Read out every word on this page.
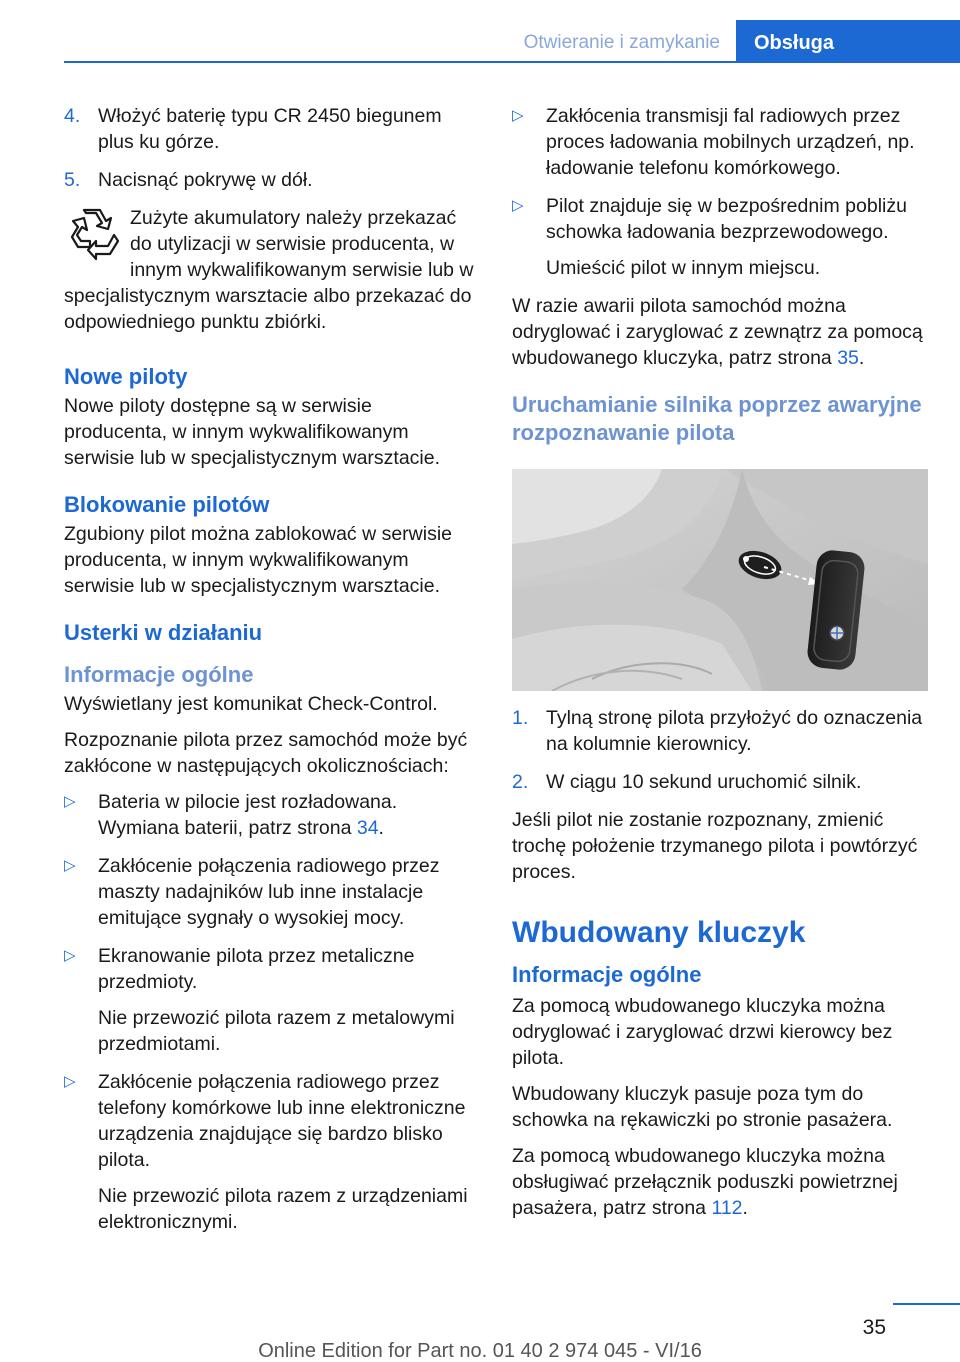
Otwieranie i zamykanie	Obsługa
4. Włożyć baterię typu CR 2450 biegunem plus ku górze.
5. Nacisnąć pokrywę w dół.
Zużyte akumulatory należy przekazać do utylizacji w serwisie producenta, w innym wykwalifikowanym serwisie lub w specjalistycznym warsztacie albo przekazać do odpowiedniego punktu zbiórki.
Nowe piloty

Nowe piloty dostępne są w serwisie producenta, w innym wykwalifikowanym serwisie lub w specjalistycznym warsztacie.

Blokowanie pilotów

Zgubiony pilot można zablokować w serwisie producenta, w innym wykwalifikowanym serwisie lub w specjalistycznym warsztacie.

Usterki w działaniu
Informacje ogólne

Wyświetlany jest komunikat Check-Control.

Rozpoznanie pilota przez samochód może być zakłócone w następujących okolicznościach:

▷	Bateria w pilocie jest rozładowana. Wymiana baterii, patrz strona 34.
▷	Zakłócenie połączenia radiowego przez maszty nadajników lub inne instalacje emitujące sygnały o wysokiej mocy.
▷	Ekranowanie pilota przez metaliczne przedmioty.

Nie przewozić pilota razem z metalowymi przedmiotami.

▷	Zakłócenie połączenia radiowego przez telefony komórkowe lub inne elektroniczne urządzenia znajdujące się bardzo blisko pilota.

Nie przewozić pilota razem z urządzeniami elektronicznymi.

▷	Zakłócenia transmisji fal radiowych przez proces ładowania mobilnych urządzeń, np. ładowanie telefonu komórkowego.
▷	Pilot znajduje się w bezpośrednim pobliżu schowka ładowania bezprzewodowego.

Umieścić pilot w innym miejscu.

W razie awarii pilota samochód można odryglować i zaryglować z zewnątrz za pomocą wbudowanego kluczyka, patrz strona 35.

Uruchamianie silnika poprzez awaryjne rozpoznawanie pilota
1. Tylną stronę pilota przyłożyć do oznaczenia na kolumnie kierownicy.
2. W ciągu 10 sekund uruchomić silnik.

Jeśli pilot nie zostanie rozpoznany, zmienić trochę położenie trzymanego pilota i powtórzyć proces.

Wbudowany kluczyk
Informacje ogólne

Za pomocą wbudowanego kluczyka można odryglować i zaryglować drzwi kierowcy bez pilota.

Wbudowany kluczyk pasuje poza tym do schowka na rękawiczki po stronie pasażera.

Za pomocą wbudowanego kluczyka można obsługiwać przełącznik poduszki powietrznej pasażera, patrz strona 112.

35
Online Edition for Part no. 01 40 2 974 045 - VI/16
